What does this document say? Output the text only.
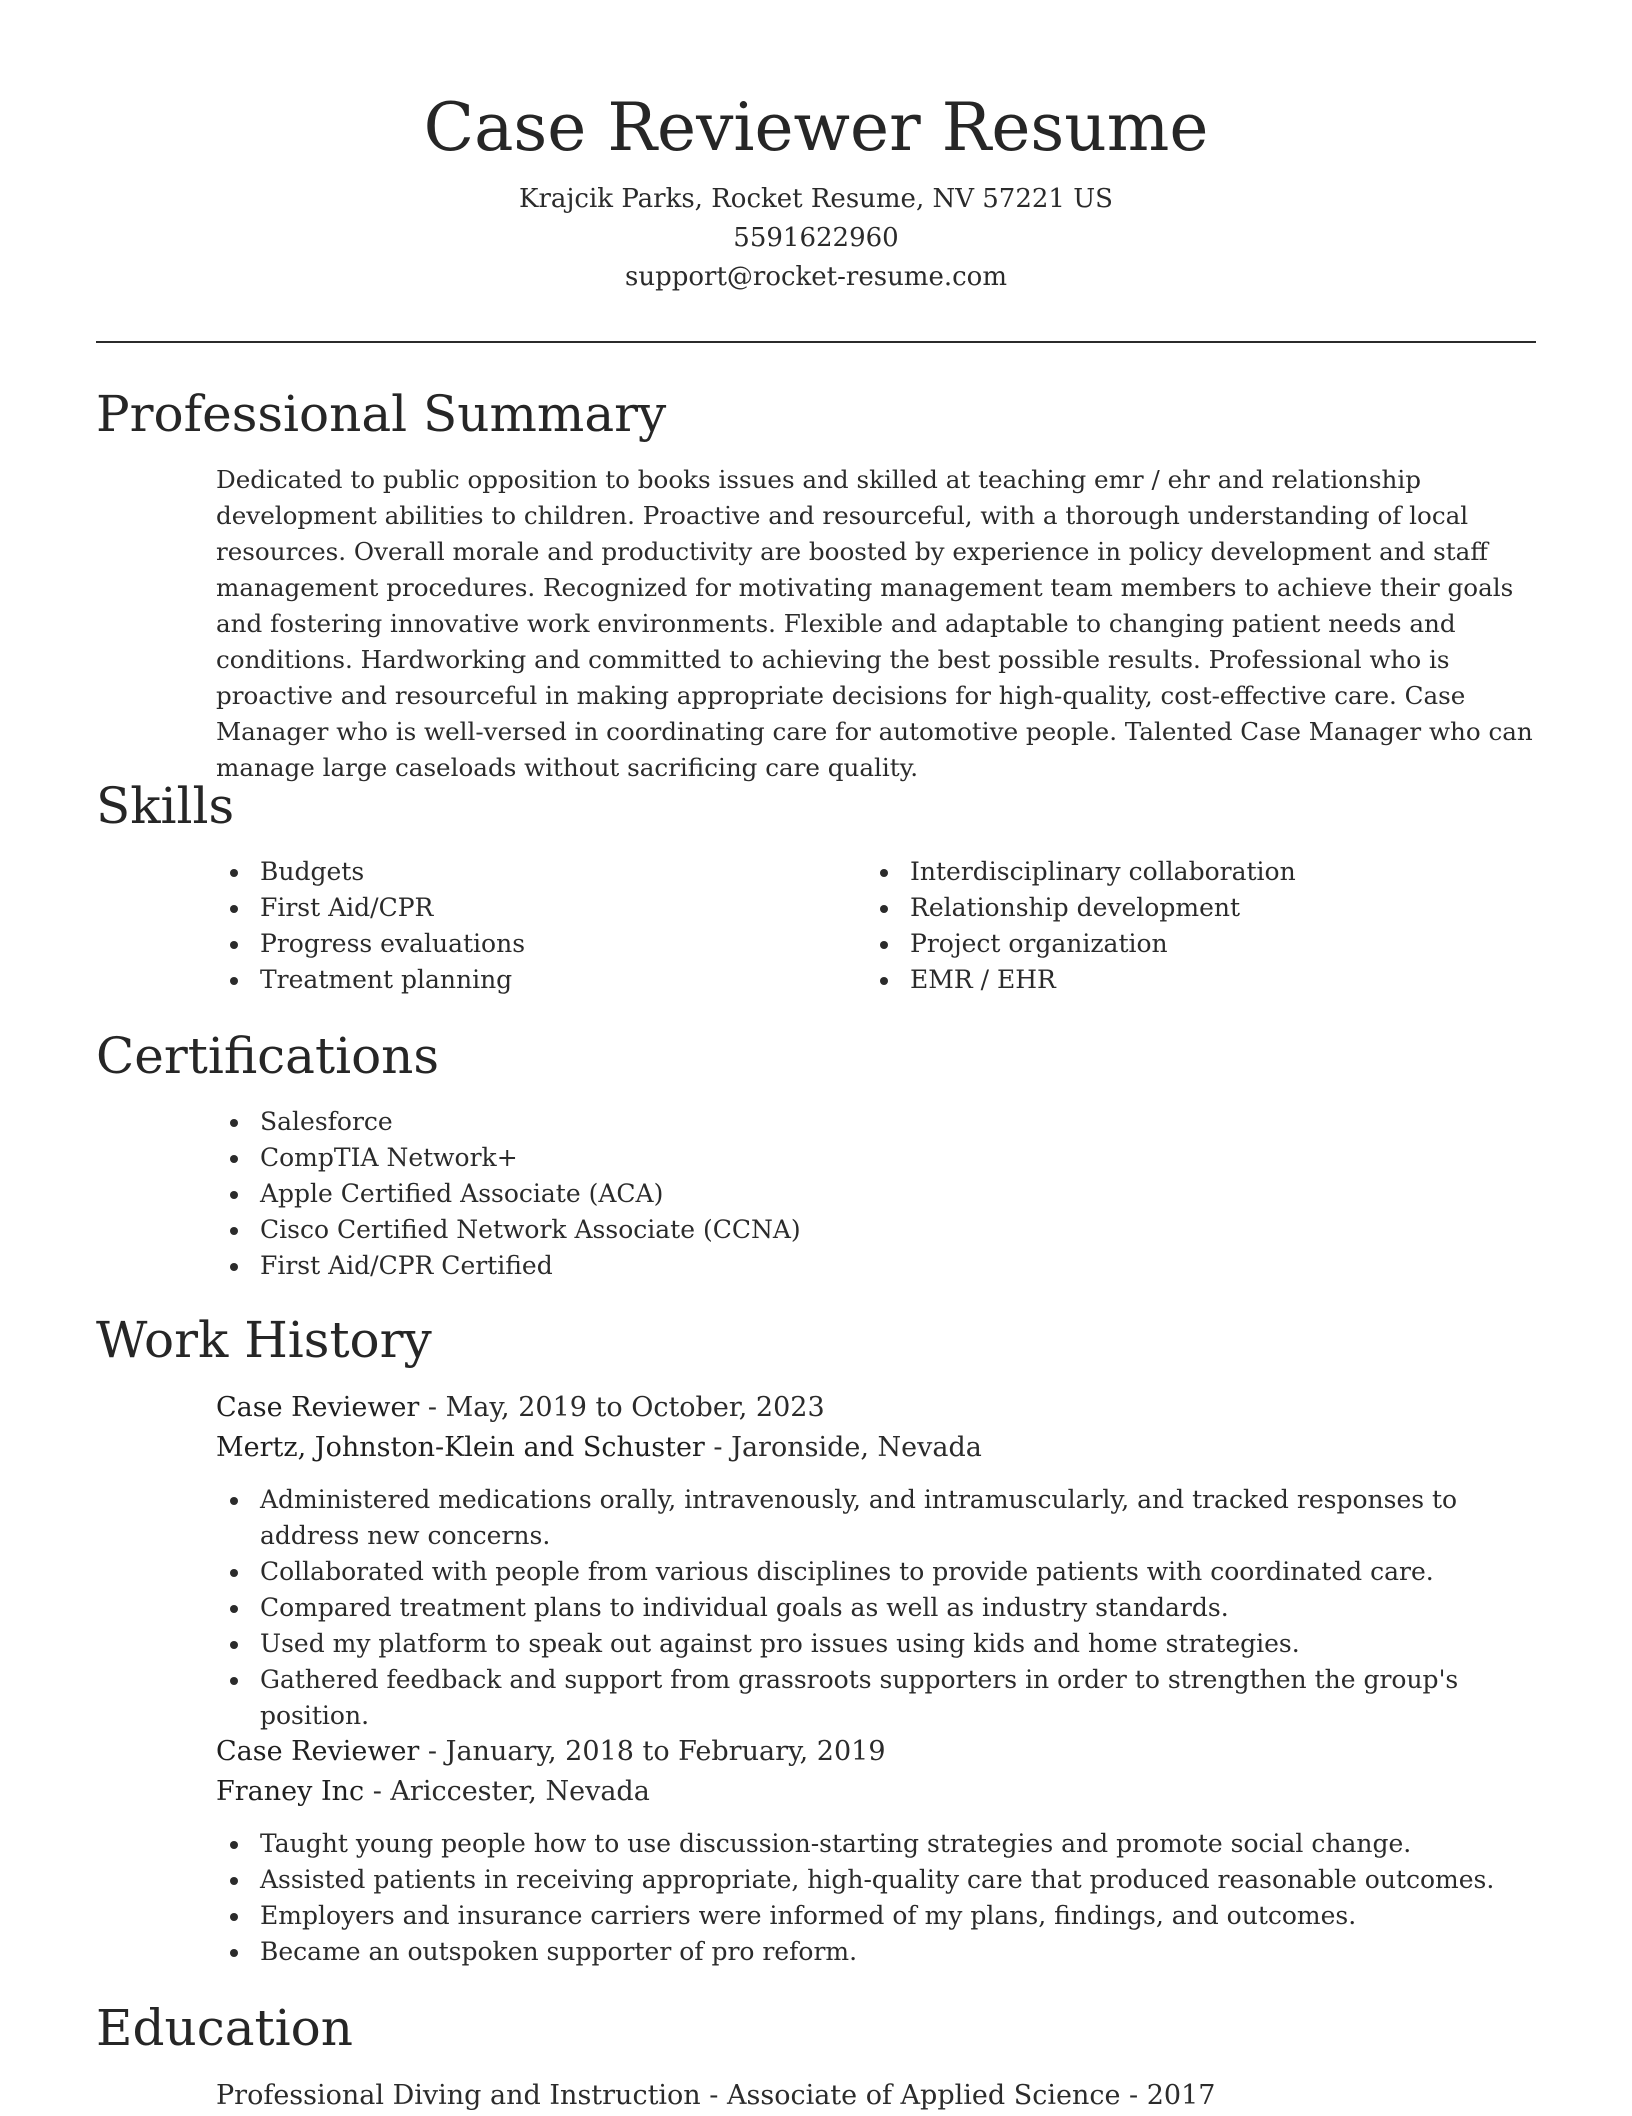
Case Reviewer Resume
Krajcik Parks, Rocket Resume, NV 57221 US
5591622960
support@rocket-resume.com
Professional Summary

Dedicated to public opposition to books issues and skilled at teaching emr / ehr and relationship development abilities to children. Proactive and resourceful, with a thorough understanding of local resources. Overall morale and productivity are boosted by experience in policy development and staff management procedures. Recognized for motivating management team members to achieve their goals and fostering innovative work environments. Flexible and adaptable to changing patient needs and conditions. Hardworking and committed to achieving the best possible results. Professional who is proactive and resourceful in making appropriate decisions for high-quality, cost-effective care. Case Manager who is well-versed in coordinating care for automotive people. Talented Case Manager who can manage large caseloads without sacrificing care quality.

Skills
Budgets
First Aid/CPR
Progress evaluations
Treatment planning
Interdisciplinary collaboration
Relationship development
Project organization
EMR / EHR
Certifications
Salesforce
CompTIA Network+
Apple Certified Associate (ACA)
Cisco Certified Network Associate (CCNA)
First Aid/CPR Certified
Work History
Case Reviewer - May, 2019 to October, 2023
Mertz, Johnston-Klein and Schuster - Jaronside, Nevada
Administered medications orally, intravenously, and intramuscularly, and tracked responses to address new concerns.
Collaborated with people from various disciplines to provide patients with coordinated care.
Compared treatment plans to individual goals as well as industry standards.
Used my platform to speak out against pro issues using kids and home strategies.
Gathered feedback and support from grassroots supporters in order to strengthen the group's position.
Case Reviewer - January, 2018 to February, 2019
Franey Inc - Ariccester, Nevada
Taught young people how to use discussion-starting strategies and promote social change.
Assisted patients in receiving appropriate, high-quality care that produced reasonable outcomes.
Employers and insurance carriers were informed of my plans, findings, and outcomes.
Became an outspoken supporter of pro reform.
Education
Professional Diving and Instruction - Associate of Applied Science - 2017
